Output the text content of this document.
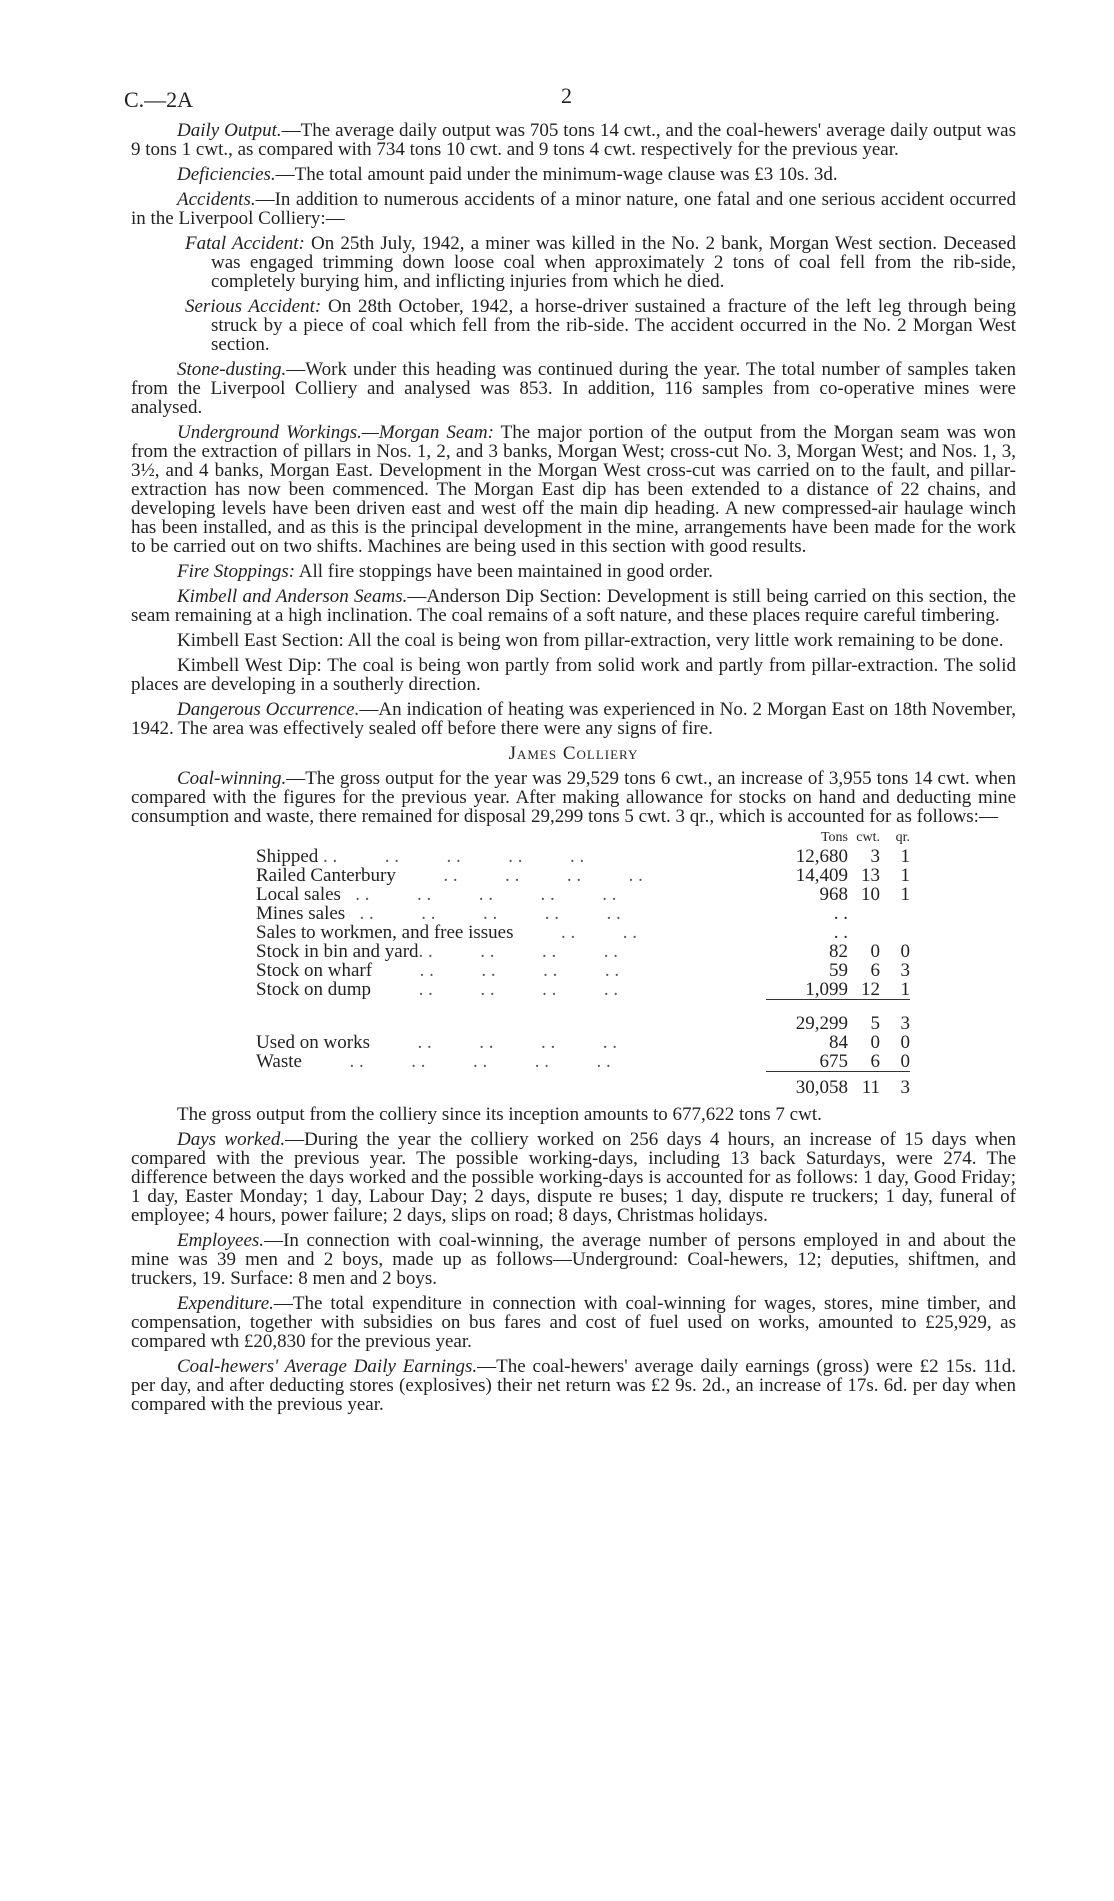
C.—2A	2

Daily Output.—The average daily output was 705 tons 14 cwt., and the coal-hewers' average daily output was 9 tons 1 cwt., as compared with 734 tons 10 cwt. and 9 tons 4 cwt. respectively for the previous year.

Deficiencies.—The total amount paid under the minimum-wage clause was £3 10s. 3d.

Accidents.—In addition to numerous accidents of a minor nature, one fatal and one serious accident occurred in the Liverpool Colliery:—

Fatal Accident: On 25th July, 1942, a miner was killed in the No. 2 bank, Morgan West section. Deceased was engaged trimming down loose coal when approximately 2 tons of coal fell from the rib-side, completely burying him, and inflicting injuries from which he died.

Serious Accident: On 28th October, 1942, a horse-driver sustained a fracture of the left leg through being struck by a piece of coal which fell from the rib-side. The accident occurred in the No. 2 Morgan West section.

Stone-dusting.—Work under this heading was continued during the year. The total number of samples taken from the Liverpool Colliery and analysed was 853. In addition, 116 samples from co-operative mines were analysed.

Underground Workings.—Morgan Seam: The major portion of the output from the Morgan seam was won from the extraction of pillars in Nos. 1, 2, and 3 banks, Morgan West; cross-cut No. 3, Morgan West; and Nos. 1, 3, 3½, and 4 banks, Morgan East. Development in the Morgan West cross-cut was carried on to the fault, and pillar-extraction has now been commenced. The Morgan East dip has been extended to a distance of 22 chains, and developing levels have been driven east and west off the main dip heading. A new compressed-air haulage winch has been installed, and as this is the principal development in the mine, arrangements have been made for the work to be carried out on two shifts. Machines are being used in this section with good results.

Fire Stoppings: All fire stoppings have been maintained in good order.

Kimbell and Anderson Seams.—Anderson Dip Section: Development is still being carried on this section, the seam remaining at a high inclination. The coal remains of a soft nature, and these places require careful timbering.

Kimbell East Section: All the coal is being won from pillar-extraction, very little work remaining to be done.

Kimbell West Dip: The coal is being won partly from solid work and partly from pillar-extraction. The solid places are developing in a southerly direction.

Dangerous Occurrence.—An indication of heating was experienced in No. 2 Morgan East on 18th November, 1942. The area was effectively sealed off before there were any signs of fire.

James Colliery

Coal-winning.—The gross output for the year was 29,529 tons 6 cwt., an increase of 3,955 tons 14 cwt. when compared with the figures for the previous year. After making allowance for stocks on hand and deducting mine consumption and waste, there remained for disposal 29,299 tons 5 cwt. 3 qr., which is accounted for as follows:—

	Tons	cwt.	qr.
Shipped . .          . .          . .          . .          . .	12,680	3	1
Railed Canterbury          . .          . .          . .          . .	14,409	13	1
Local sales   . .          . .          . .          . .          . .	968	10	1
Mines sales   . .          . .          . .          . .          . .	. .		
Sales to workmen, and free issues          . .          . .	. .		
Stock in bin and yard. .          . .          . .          . .	82	0	0
Stock on wharf          . .          . .          . .          . .	59	6	3
Stock on dump          . .          . .          . .          . .	1,099	12	1
	29,299	5	3
Used on works          . .          . .          . .          . .	84	0	0
Waste          . .          . .          . .          . .          . .	675	6	0
	30,058	11	3

The gross output from the colliery since its inception amounts to 677,622 tons 7 cwt.

Days worked.—During the year the colliery worked on 256 days 4 hours, an increase of 15 days when compared with the previous year. The possible working-days, including 13 back Saturdays, were 274. The difference between the days worked and the possible working-days is accounted for as follows: 1 day, Good Friday; 1 day, Easter Monday; 1 day, Labour Day; 2 days, dispute re buses; 1 day, dispute re truckers; 1 day, funeral of employee; 4 hours, power failure; 2 days, slips on road; 8 days, Christmas holidays.

Employees.—In connection with coal-winning, the average number of persons employed in and about the mine was 39 men and 2 boys, made up as follows—Underground: Coal-hewers, 12; deputies, shiftmen, and truckers, 19. Surface: 8 men and 2 boys.

Expenditure.—The total expenditure in connection with coal-winning for wages, stores, mine timber, and compensation, together with subsidies on bus fares and cost of fuel used on works, amounted to £25,929, as compared wth £20,830 for the previous year.

Coal-hewers' Average Daily Earnings.—The coal-hewers' average daily earnings (gross) were £2 15s. 11d. per day, and after deducting stores (explosives) their net return was £2 9s. 2d., an increase of 17s. 6d. per day when compared with the previous year.
